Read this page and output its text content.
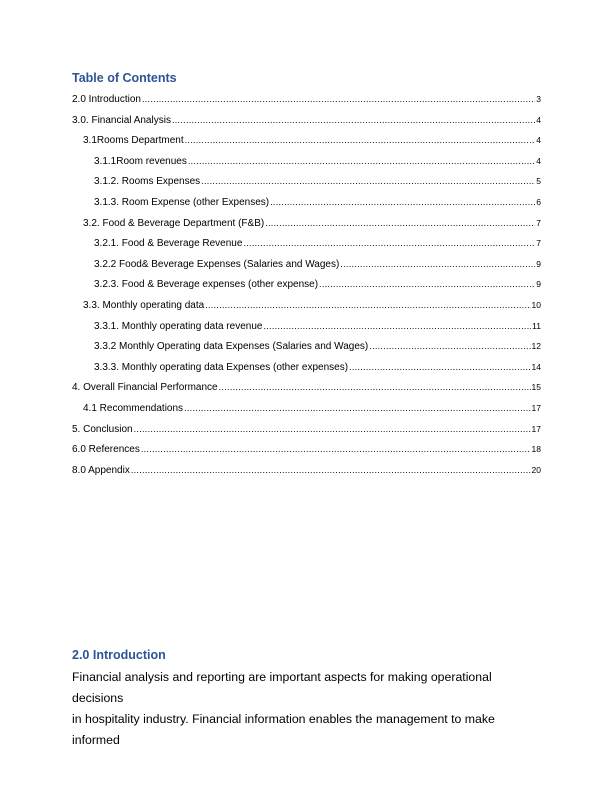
Table of Contents
2.0 Introduction .....	3
3.0. Financial Analysis .....	4
3.1Rooms Department .....	4
3.1.1Room revenues .....	4
3.1.2. Rooms Expenses .....	5
3.1.3. Room Expense (other Expenses) .....	6
3.2. Food & Beverage Department (F&B) .....	7
3.2.1. Food & Beverage Revenue .....	7
3.2.2 Food& Beverage Expenses (Salaries and Wages) .....	9
3.2.3. Food & Beverage expenses (other expense) .....	9
3.3. Monthly operating data .....	10
3.3.1. Monthly operating data revenue .....	11
3.3.2 Monthly Operating data Expenses (Salaries and Wages) .....	12
3.3.3. Monthly operating data Expenses (other expenses) .....	14
4. Overall Financial Performance .....	15
4.1 Recommendations .....	17
5. Conclusion .....	17
6.0 References .....	18
8.0 Appendix .....	20
2.0 Introduction
Financial analysis and reporting are important aspects for making operational decisions
in hospitality industry. Financial information enables the management to make informed
